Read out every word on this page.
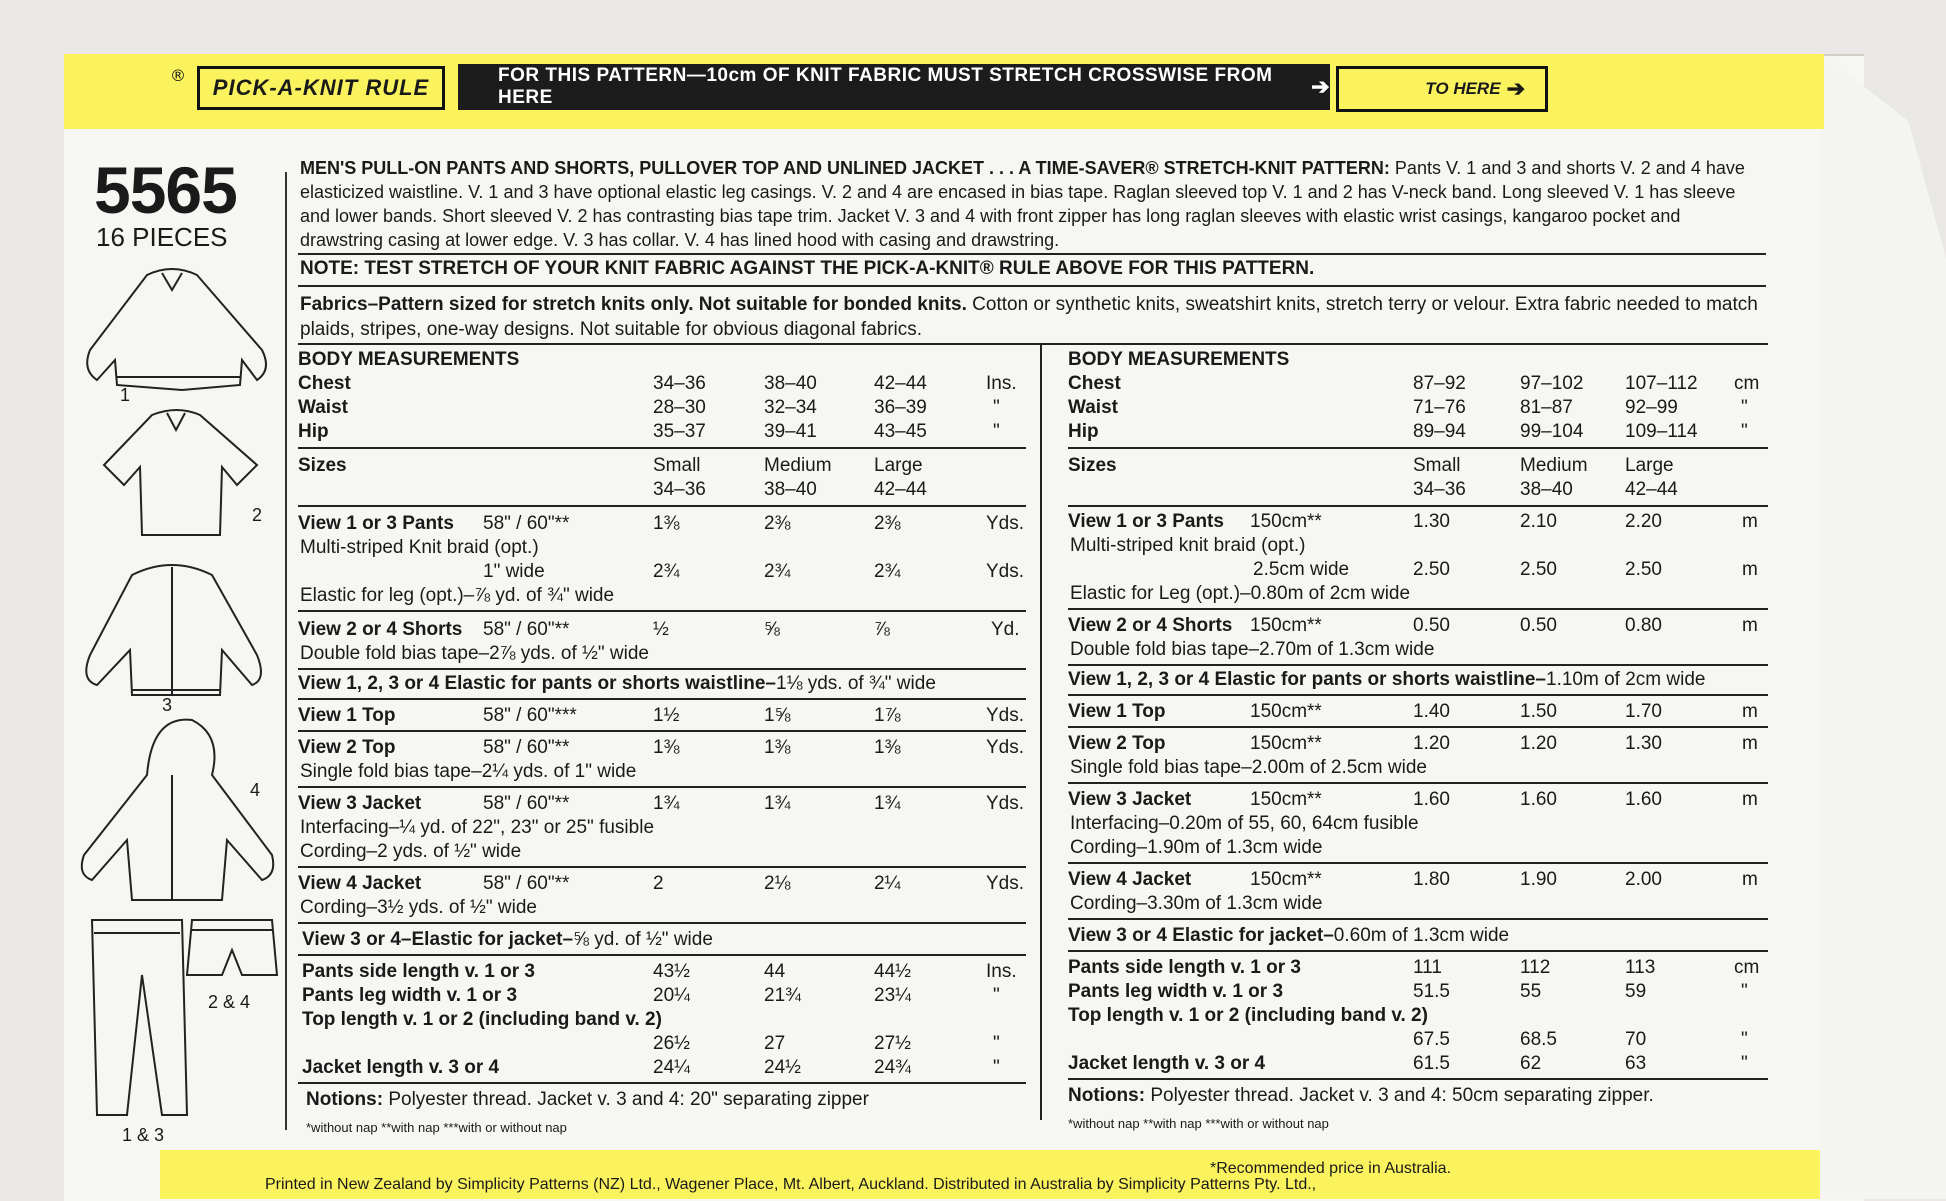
® PICK-A-KNIT RULE	FOR THIS PATTERN—10cm OF KNIT FABRIC MUST STRETCH CROSSWISE FROM HERE	➔	TO HERE ➔
5565
16 PIECES
1
2
3
4
2 & 4
1 & 3
MEN'S PULL-ON PANTS AND SHORTS, PULLOVER TOP AND UNLINED JACKET . . . A TIME-SAVER® STRETCH-KNIT PATTERN: Pants V. 1 and 3 and shorts V. 2 and 4 have elasticized waistline. V. 1 and 3 have optional elastic leg casings. V. 2 and 4 are encased in bias tape. Raglan sleeved top V. 1 and 2 has V-neck band. Long sleeved V. 1 has sleeve and lower bands. Short sleeved V. 2 has contrasting bias tape trim. Jacket V. 3 and 4 with front zipper has long raglan sleeves with elastic wrist casings, kangaroo pocket and drawstring casing at lower edge. V. 3 has collar. V. 4 has lined hood with casing and drawstring.
NOTE: TEST STRETCH OF YOUR KNIT FABRIC AGAINST THE PICK-A-KNIT® RULE ABOVE FOR THIS PATTERN.
Fabrics–Pattern sized for stretch knits only. Not suitable for bonded knits. Cotton or synthetic knits, sweatshirt knits, stretch terry or velour. Extra fabric needed to match plaids, stripes, one-way designs. Not suitable for obvious diagonal fabrics.
BODY MEASUREMENTS
Chest	34–36	38–40	42–44	Ins.
Waist	28–30	32–34	36–39	"
Hip	35–37	39–41	43–45	"
Sizes	Small	Medium Large
34–36	38–40	42–44
View 1 or 3 Pants 58" / 60"**	1⅜	2⅜	2⅜	Yds.
Multi-striped Knit braid (opt.)
1" wide	2¾	2¾	2¾	Yds.
Elastic for leg (opt.)–⅞ yd. of ¾" wide
View 2 or 4 Shorts 58" / 60"**	½	⅝	⅞	Yd.
Double fold bias tape–2⅞ yds. of ½" wide
View 1, 2, 3 or 4 Elastic for pants or shorts waistline–1⅛ yds. of ¾" wide
View 1 Top	58" / 60"***	1½	1⅝	1⅞	Yds.
View 2 Top	58" / 60"**	1⅜	1⅜	1⅜	Yds.
Single fold bias tape–2¼ yds. of 1" wide
View 3 Jacket	58" / 60"**	1¾	1¾	1¾	Yds.
Interfacing–¼ yd. of 22", 23" or 25" fusible
Cording–2 yds. of ½" wide
View 4 Jacket	58" / 60"**	2	2⅛	2¼	Yds.
Cording–3½ yds. of ½" wide
View 3 or 4–Elastic for jacket–⅝ yd. of ½" wide
Pants side length v. 1 or 3	43½	44	44½	Ins.
Pants leg width v. 1 or 3	20¼	21¾	23¼	"
Top length v. 1 or 2 (including band v. 2)
26½	27	27½	"
Jacket length v. 3 or 4	24¼	24½	24¾	"
Notions: Polyester thread. Jacket v. 3 and 4: 20" separating zipper
*without nap **with nap ***with or without nap
BODY MEASUREMENTS
Chest	87–92	97–102 107–112 cm
Waist	71–76	81–87	92–99	"
Hip	89–94	99–104 109–114 "
Sizes	Small	Medium Large
34–36	38–40	42–44
View 1 or 3 Pants 150cm**	1.30	2.10	2.20	m
Multi-striped knit braid (opt.)
2.5cm wide	2.50	2.50	2.50	m
Elastic for Leg (opt.)–0.80m of 2cm wide
View 2 or 4 Shorts 150cm**	0.50	0.50	0.80	m
Double fold bias tape–2.70m of 1.3cm wide
View 1, 2, 3 or 4 Elastic for pants or shorts waistline–1.10m of 2cm wide
View 1 Top	150cm**	1.40	1.50	1.70	m
View 2 Top	150cm**	1.20	1.20	1.30	m
Single fold bias tape–2.00m of 2.5cm wide
View 3 Jacket	150cm**	1.60	1.60	1.60	m
Interfacing–0.20m of 55, 60, 64cm fusible
Cording–1.90m of 1.3cm wide
View 4 Jacket	150cm**	1.80	1.90	2.00	m
Cording–3.30m of 1.3cm wide
View 3 or 4 Elastic for jacket–0.60m of 1.3cm wide
Pants side length v. 1 or 3	111	112	113	cm
Pants leg width v. 1 or 3	51.5	55	59	"
Top length v. 1 or 2 (including band v. 2)
67.5	68.5	70	"
Jacket length v. 3 or 4	61.5	62	63	"
Notions: Polyester thread. Jacket v. 3 and 4: 50cm separating zipper.
*without nap **with nap ***with or without nap
*Recommended price in Australia.
Printed in New Zealand by Simplicity Patterns (NZ) Ltd., Wagener Place, Mt. Albert, Auckland. Distributed in Australia by Simplicity Patterns Pty. Ltd.,
